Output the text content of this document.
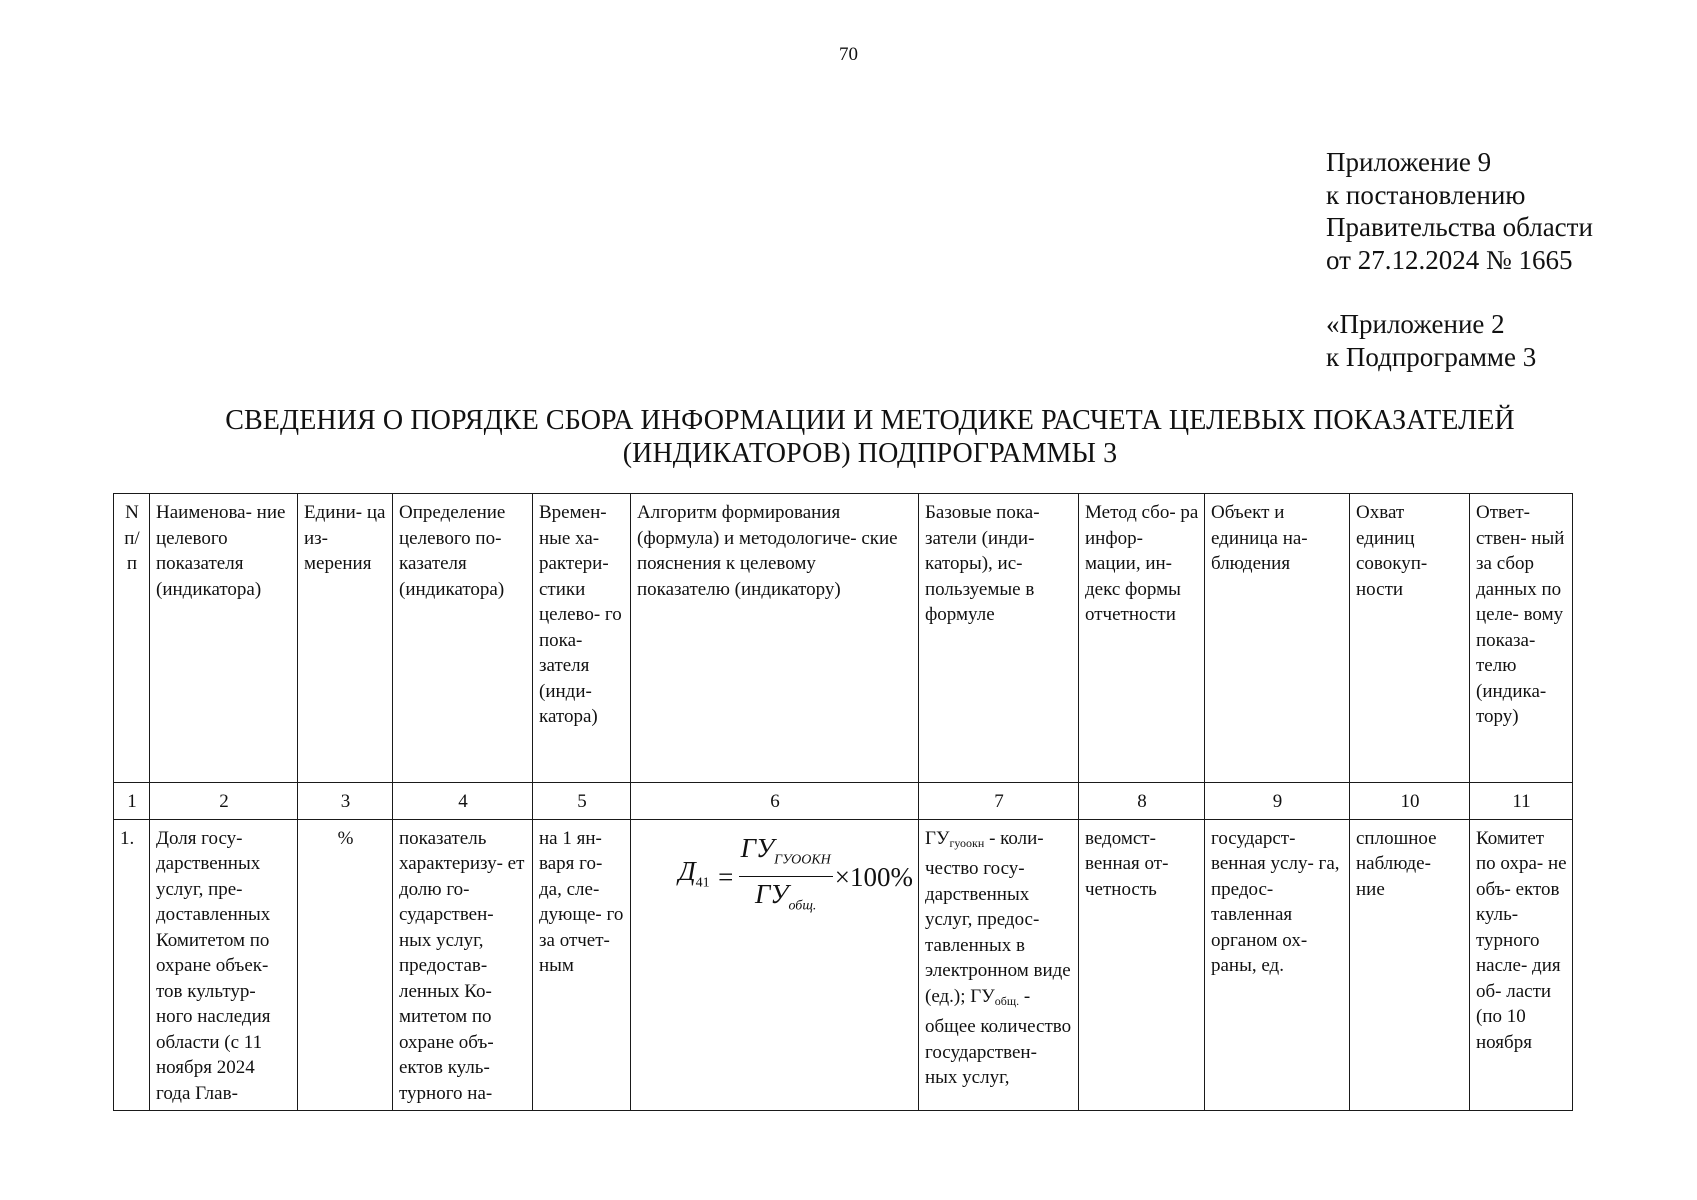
70
Приложение 9
к постановлению
Правительства области
от 27.12.2024 № 1665
«Приложение 2
к Подпрограмме 3
СВЕДЕНИЯ О ПОРЯДКЕ СБОРА ИНФОРМАЦИИ И МЕТОДИКЕ РАСЧЕТА ЦЕЛЕВЫХ ПОКАЗАТЕЛЕЙ
(ИНДИКАТОРОВ) ПОДПРОГРАММЫ 3
N п/ п	Наименова- ние целевого показателя (индикатора)	Едини- ца из- мерения	Определение целевого по- казателя (индикатора)	Времен- ные ха- рактери- стики целево- го пока- зателя (инди- катора)	Алгоритм формирования (формула) и методологиче- ские пояснения к целевому показателю (индикатору)	Базовые пока- затели (инди- каторы), ис- пользуемые в формуле	Метод сбо- ра инфор- мации, ин- декс формы отчетности	Объект и единица на- блюдения	Охват единиц совокуп- ности	Ответ- ствен- ный за сбор данных по целе- вому показа- телю (индика- тору)
1	2	3	4	5	6	7	8	9	10	11
1.	Доля госу- дарственных услуг, пре- доставленных Комитетом по охране объек- тов культур- ного наследия области (с 11 ноября 2024 года Глав-	%	показатель характеризу- ет долю го- сударствен- ных услуг, предостав- ленных Ко- митетом по охране объ- ектов куль- турного на-	на 1 ян- варя го- да, сле- дующе- го за отчет- ным	$Д_{41} = \frac{ГУ_{ГУООКН}}{ГУ_{общ.}} \times 100\%$	ГУгуоокн - коли- чество госу- дарственных услуг, предос- тавленных в электронном виде (ед.); ГУобщ. - общее количество государствен- ных услуг,	ведомст- венная от- четность	государст- венная услу- га, предос- тавленная органом ох- раны, ед.	сплошное наблюде- ние	Комитет по охра- не объ- ектов куль- турного насле- дия об- ласти (по 10 ноября
